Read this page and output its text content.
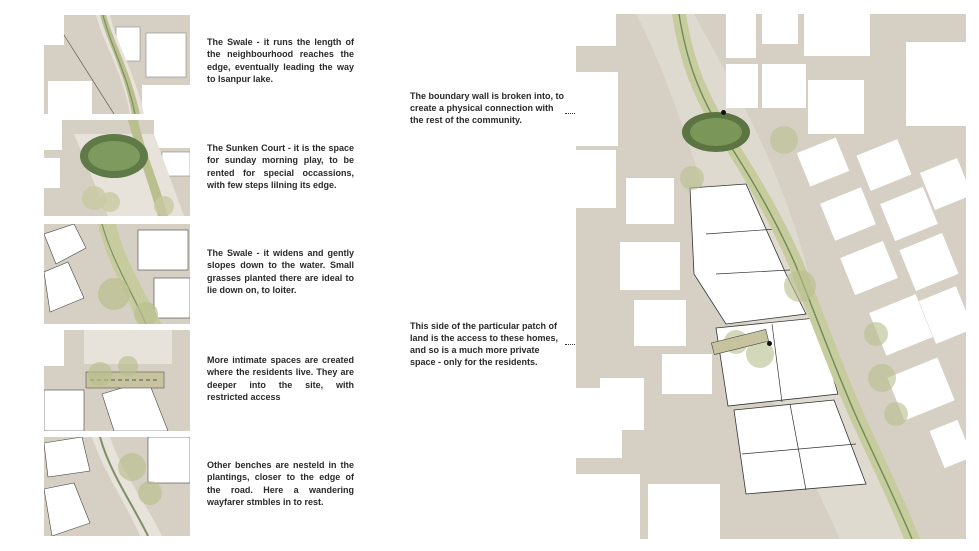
The Swale - it runs the length of the neighbourhood reaches the edge, eventually leading the way to Isanpur lake.

The Sunken Court - it is the space for sunday morning play, to be rented for special occassions, with few steps lilning its edge.

The Swale - it widens and gently slopes down to the water. Small grasses planted there are ideal to lie down on, to loiter.

More intimate spaces are created where the residents live. They are deeper into the site, with restricted access

Other benches are nesteld in the plantings, closer to the edge of the road. Here a wandering wayfarer stmbles in to rest.

The boundary wall is broken into, to create a physical connection with the rest of the community.

This side of the particular patch of land is the access to these homes, and so is a much more private space - only for the residents.
